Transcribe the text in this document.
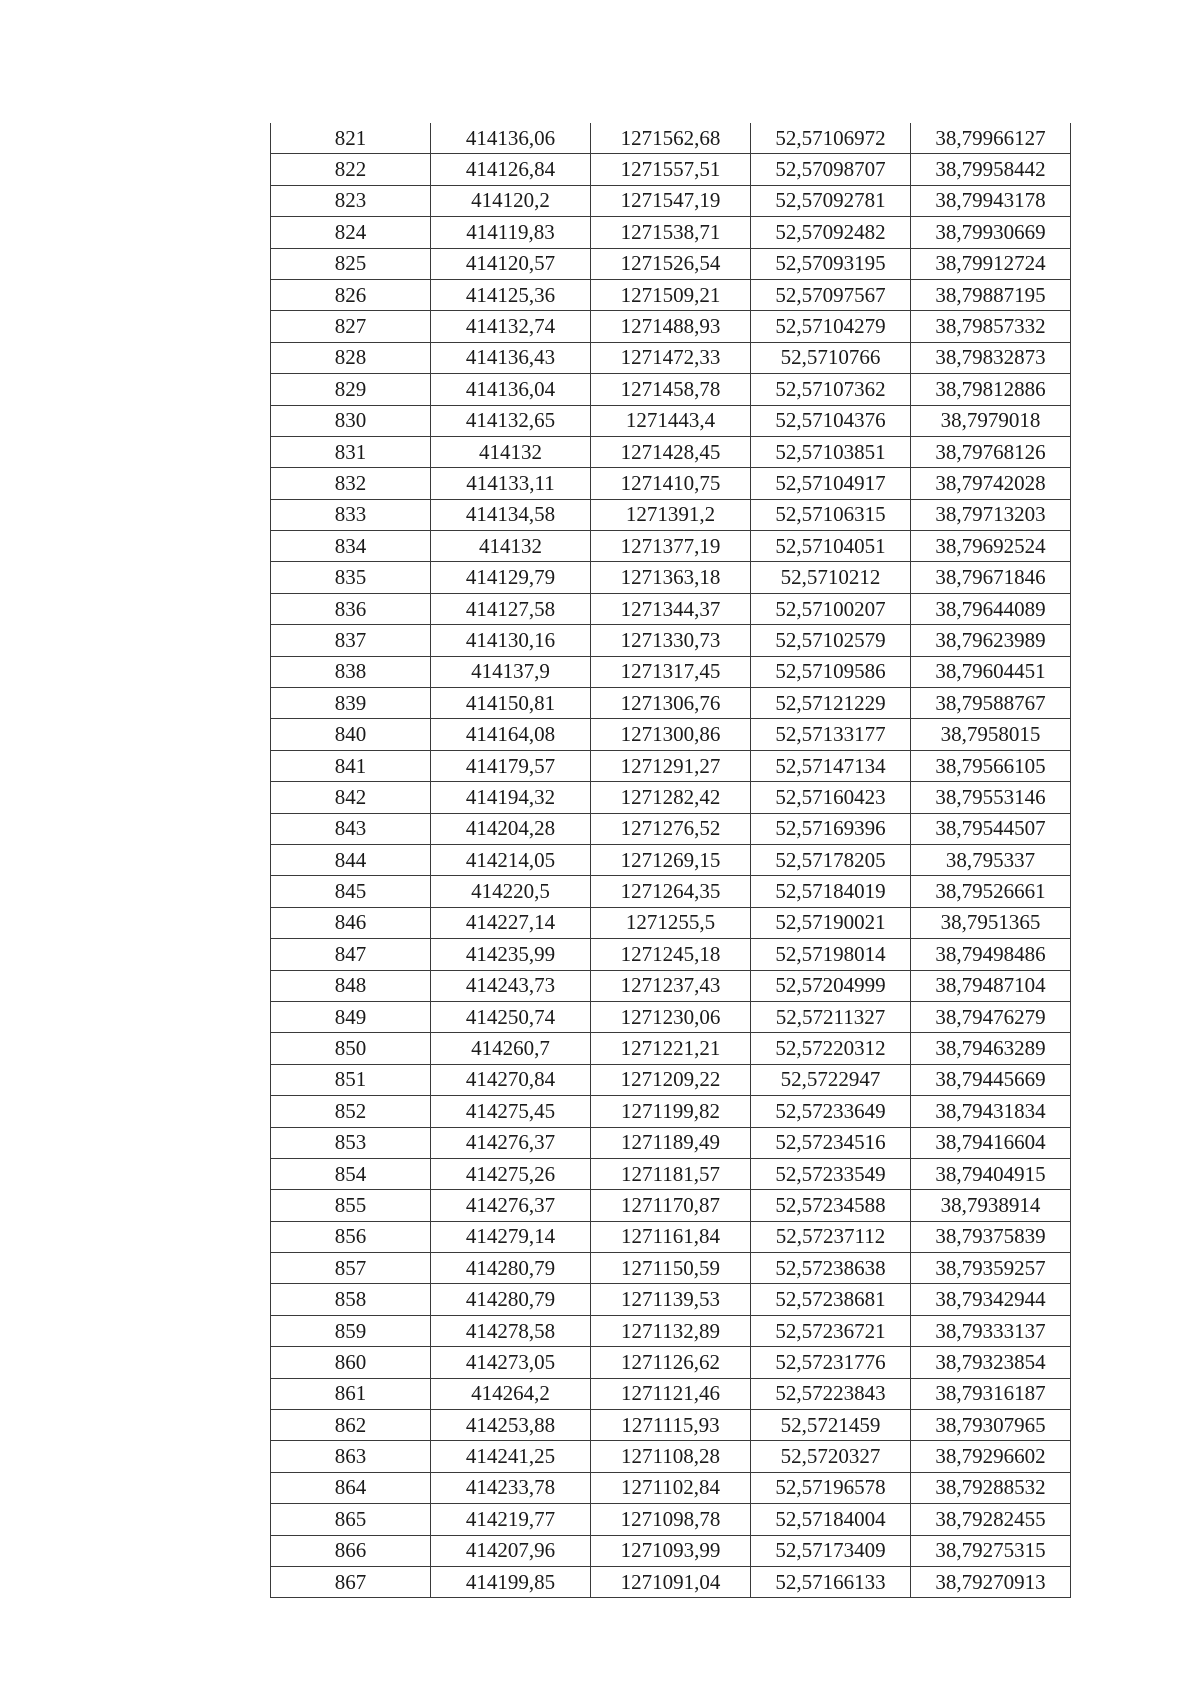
821	414136,06	1271562,68	52,57106972	38,79966127
822	414126,84	1271557,51	52,57098707	38,79958442
823	414120,2	1271547,19	52,57092781	38,79943178
824	414119,83	1271538,71	52,57092482	38,79930669
825	414120,57	1271526,54	52,57093195	38,79912724
826	414125,36	1271509,21	52,57097567	38,79887195
827	414132,74	1271488,93	52,57104279	38,79857332
828	414136,43	1271472,33	52,5710766	38,79832873
829	414136,04	1271458,78	52,57107362	38,79812886
830	414132,65	1271443,4	52,57104376	38,7979018
831	414132	1271428,45	52,57103851	38,79768126
832	414133,11	1271410,75	52,57104917	38,79742028
833	414134,58	1271391,2	52,57106315	38,79713203
834	414132	1271377,19	52,57104051	38,79692524
835	414129,79	1271363,18	52,5710212	38,79671846
836	414127,58	1271344,37	52,57100207	38,79644089
837	414130,16	1271330,73	52,57102579	38,79623989
838	414137,9	1271317,45	52,57109586	38,79604451
839	414150,81	1271306,76	52,57121229	38,79588767
840	414164,08	1271300,86	52,57133177	38,7958015
841	414179,57	1271291,27	52,57147134	38,79566105
842	414194,32	1271282,42	52,57160423	38,79553146
843	414204,28	1271276,52	52,57169396	38,79544507
844	414214,05	1271269,15	52,57178205	38,795337
845	414220,5	1271264,35	52,57184019	38,79526661
846	414227,14	1271255,5	52,57190021	38,7951365
847	414235,99	1271245,18	52,57198014	38,79498486
848	414243,73	1271237,43	52,57204999	38,79487104
849	414250,74	1271230,06	52,57211327	38,79476279
850	414260,7	1271221,21	52,57220312	38,79463289
851	414270,84	1271209,22	52,5722947	38,79445669
852	414275,45	1271199,82	52,57233649	38,79431834
853	414276,37	1271189,49	52,57234516	38,79416604
854	414275,26	1271181,57	52,57233549	38,79404915
855	414276,37	1271170,87	52,57234588	38,7938914
856	414279,14	1271161,84	52,57237112	38,79375839
857	414280,79	1271150,59	52,57238638	38,79359257
858	414280,79	1271139,53	52,57238681	38,79342944
859	414278,58	1271132,89	52,57236721	38,79333137
860	414273,05	1271126,62	52,57231776	38,79323854
861	414264,2	1271121,46	52,57223843	38,79316187
862	414253,88	1271115,93	52,5721459	38,79307965
863	414241,25	1271108,28	52,5720327	38,79296602
864	414233,78	1271102,84	52,57196578	38,79288532
865	414219,77	1271098,78	52,57184004	38,79282455
866	414207,96	1271093,99	52,57173409	38,79275315
867	414199,85	1271091,04	52,57166133	38,79270913
